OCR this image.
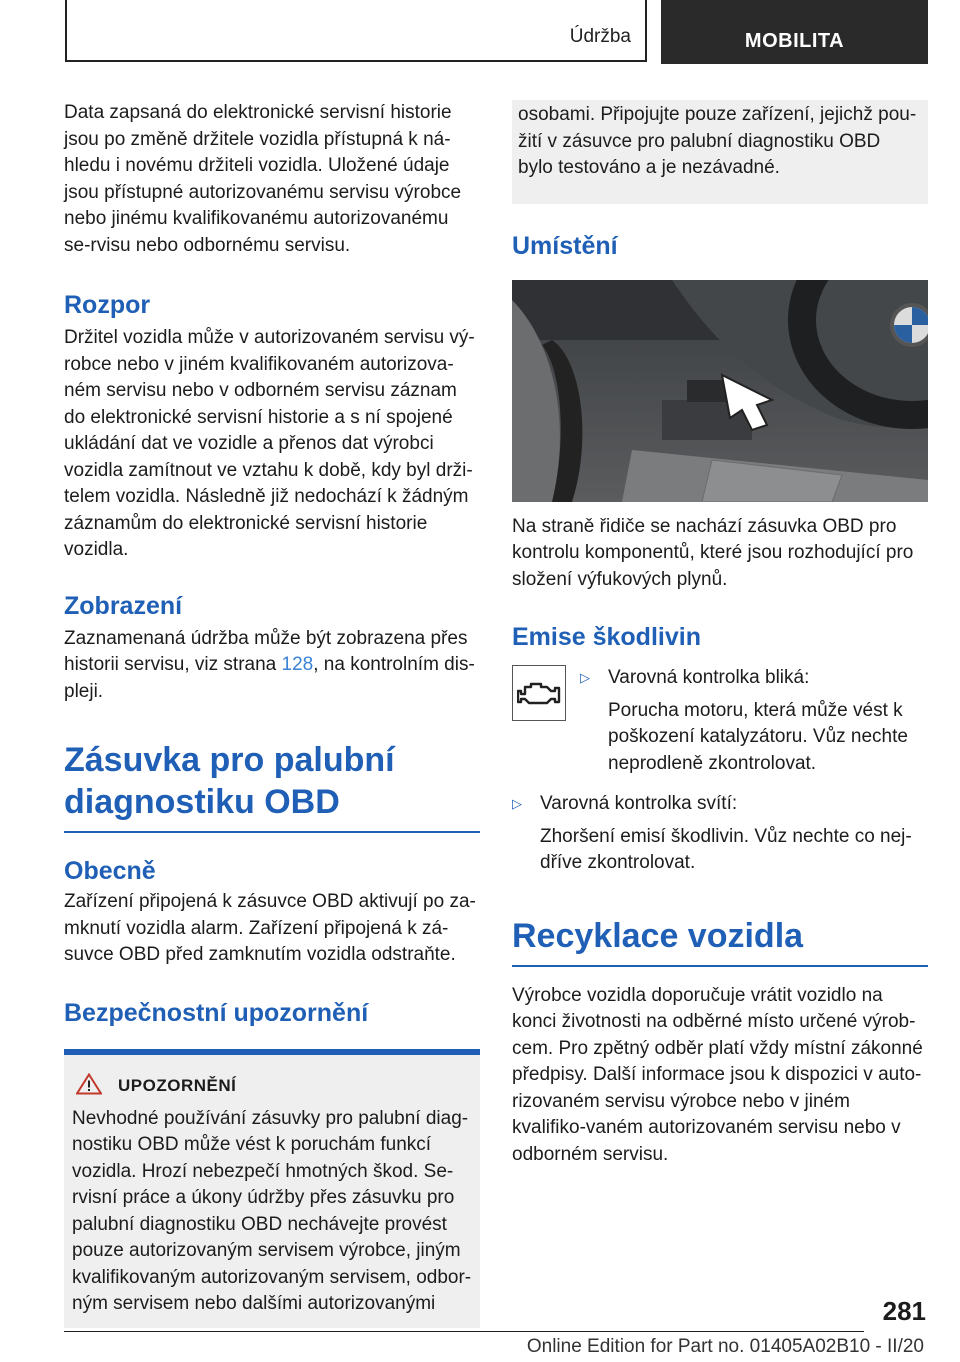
Údržba	MOBILITA

Data zapsaná do elektronické servisní historie jsou po změně držitele vozidla přístupná k ná-hledu i novému držiteli vozidla. Uložené údaje jsou přístupné autorizovanému servisu výrobce nebo jinému kvalifikovanému autorizovanému se-rvisu nebo odbornému servisu.

Rozpor

Držitel vozidla může v autorizovaném servisu vý-robce nebo v jiném kvalifikovaném autorizova-ném servisu nebo v odborném servisu záznam do elektronické servisní historie a s ní spojené ukládání dat ve vozidle a přenos dat výrobci vozidla zamítnout ve vztahu k době, kdy byl drži-telem vozidla. Následně již nedochází k žádným záznamům do elektronické servisní historie vozidla.

Zobrazení

Zaznamenaná údržba může být zobrazena přes historii servisu, viz strana 128, na kontrolním dis-pleji.

Zásuvka pro palubní diagnostiku OBD
Obecně

Zařízení připojená k zásuvce OBD aktivují po za-mknutí vozidla alarm. Zařízení připojená k zá-suvce OBD před zamknutím vozidla odstraňte.

Bezpečnostní upozornění
UPOZORNĚNÍ

Nevhodné používání zásuvky pro palubní diag-nostiku OBD může vést k poruchám funkcí vozidla. Hrozí nebezpečí hmotných škod. Se-rvisní práce a úkony údržby přes zásuvku pro palubní diagnostiku OBD nechávejte provést pouze autorizovaným servisem výrobce, jiným kvalifikovaným autorizovaným servisem, odbor-ným servisem nebo dalšími autorizovanými

osobami. Připojujte pouze zařízení, jejichž pou-žití v zásuvce pro palubní diagnostiku OBD bylo testováno a je nezávadné.

Umístění

Na straně řidiče se nachází zásuvka OBD pro kontrolu komponentů, které jsou rozhodující pro složení výfukových plynů.

Emise škodlivin
▷ Varovná kontrolka bliká:

Porucha motoru, která může vést k poškození katalyzátoru. Vůz nechte neprodleně zkontrolovat.

▷ Varovná kontrolka svítí:

Zhoršení emisí škodlivin. Vůz nechte co nej-dříve zkontrolovat.

Recyklace vozidla

Výrobce vozidla doporučuje vrátit vozidlo na konci životnosti na odběrné místo určené výrob-cem. Pro zpětný odběr platí vždy místní zákonné předpisy. Další informace jsou k dispozici v auto-rizovaném servisu výrobce nebo v jiném kvalifiko-vaném autorizovaném servisu nebo v odborném servisu.

281
Online Edition for Part no. 01405A02B10 - II/20
